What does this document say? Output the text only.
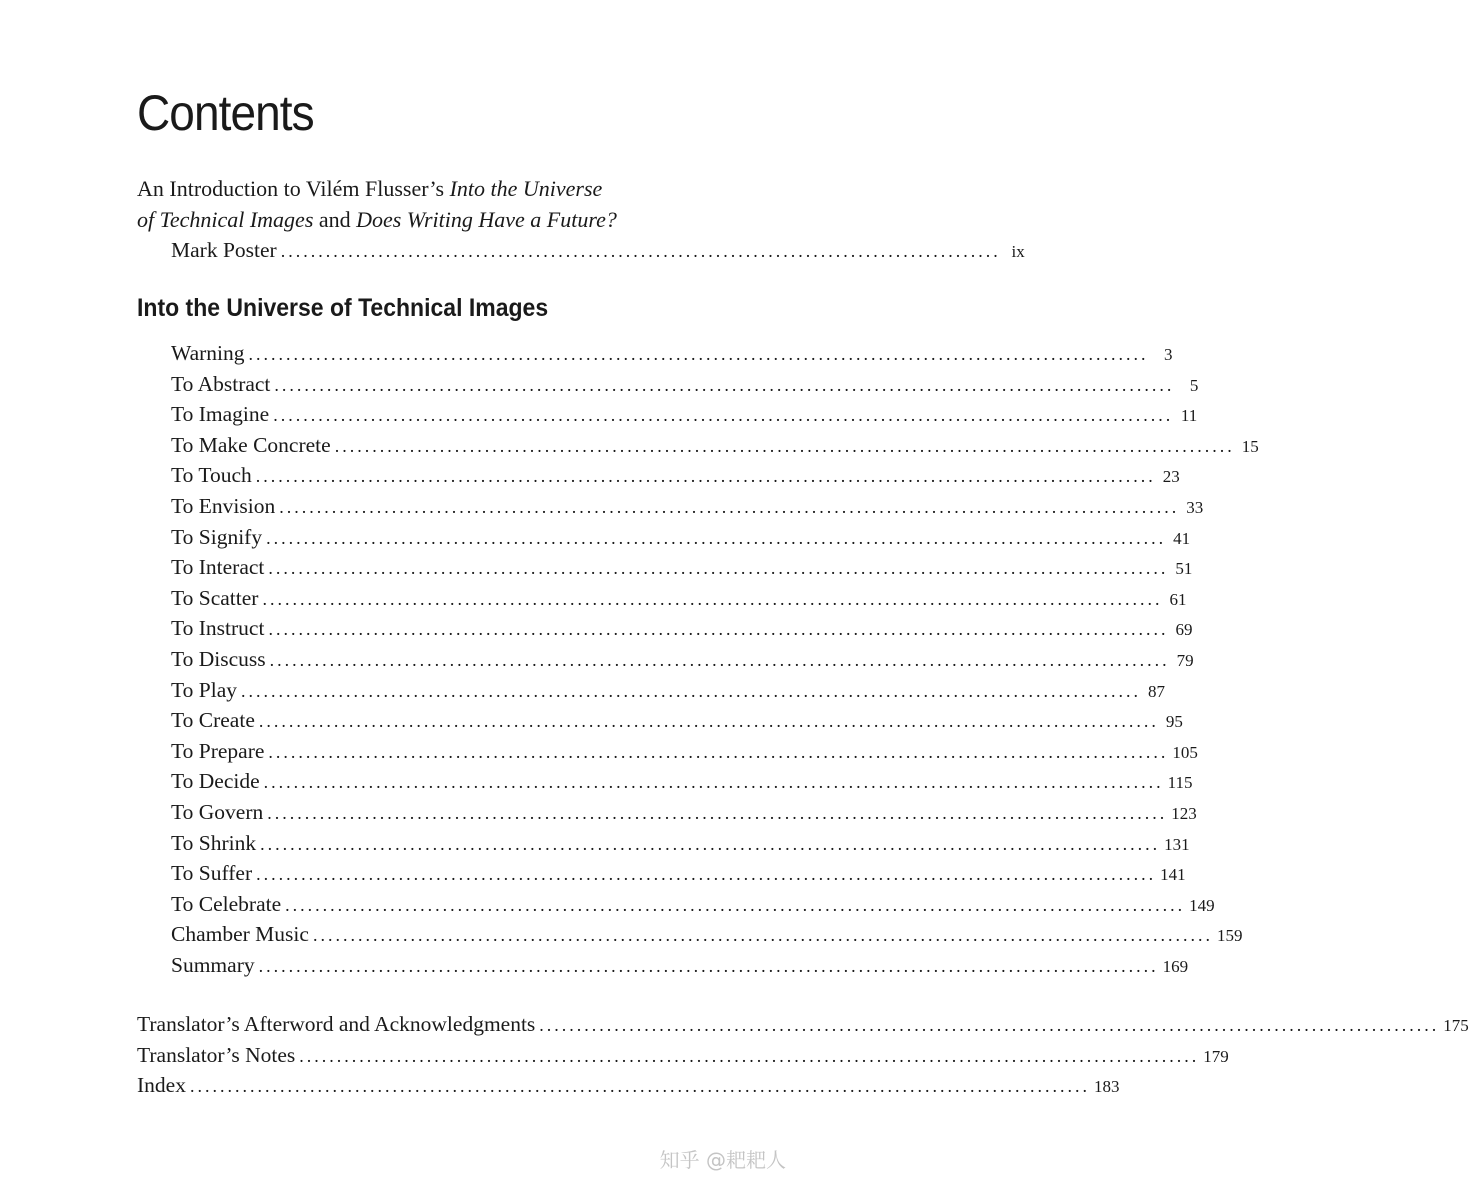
Contents
An Introduction to Vilém Flusser’s Into the Universe
of Technical Images and Does Writing Have a Future?
Mark Poster ................................................................................................ ix
Into the Universe of Technical Images
Warning ........................................................................................................................ 3
To Abstract ........................................................................................................................ 5
To Imagine ........................................................................................................................ 11
To Make Concrete ........................................................................................................................ 15
To Touch ........................................................................................................................ 23
To Envision ........................................................................................................................ 33
To Signify ........................................................................................................................ 41
To Interact ........................................................................................................................ 51
To Scatter ........................................................................................................................ 61
To Instruct ........................................................................................................................ 69
To Discuss ........................................................................................................................ 79
To Play ........................................................................................................................ 87
To Create ........................................................................................................................ 95
To Prepare ........................................................................................................................ 105
To Decide ........................................................................................................................ 115
To Govern ........................................................................................................................ 123
To Shrink ........................................................................................................................ 131
To Suffer ........................................................................................................................ 141
To Celebrate ........................................................................................................................ 149
Chamber Music ........................................................................................................................ 159
Summary ........................................................................................................................ 169
Translator’s Afterword and Acknowledgments ........................................................................................................................ 175
Translator’s Notes ........................................................................................................................ 179
Index ........................................................................................................................ 183
知乎 @耙耙人
